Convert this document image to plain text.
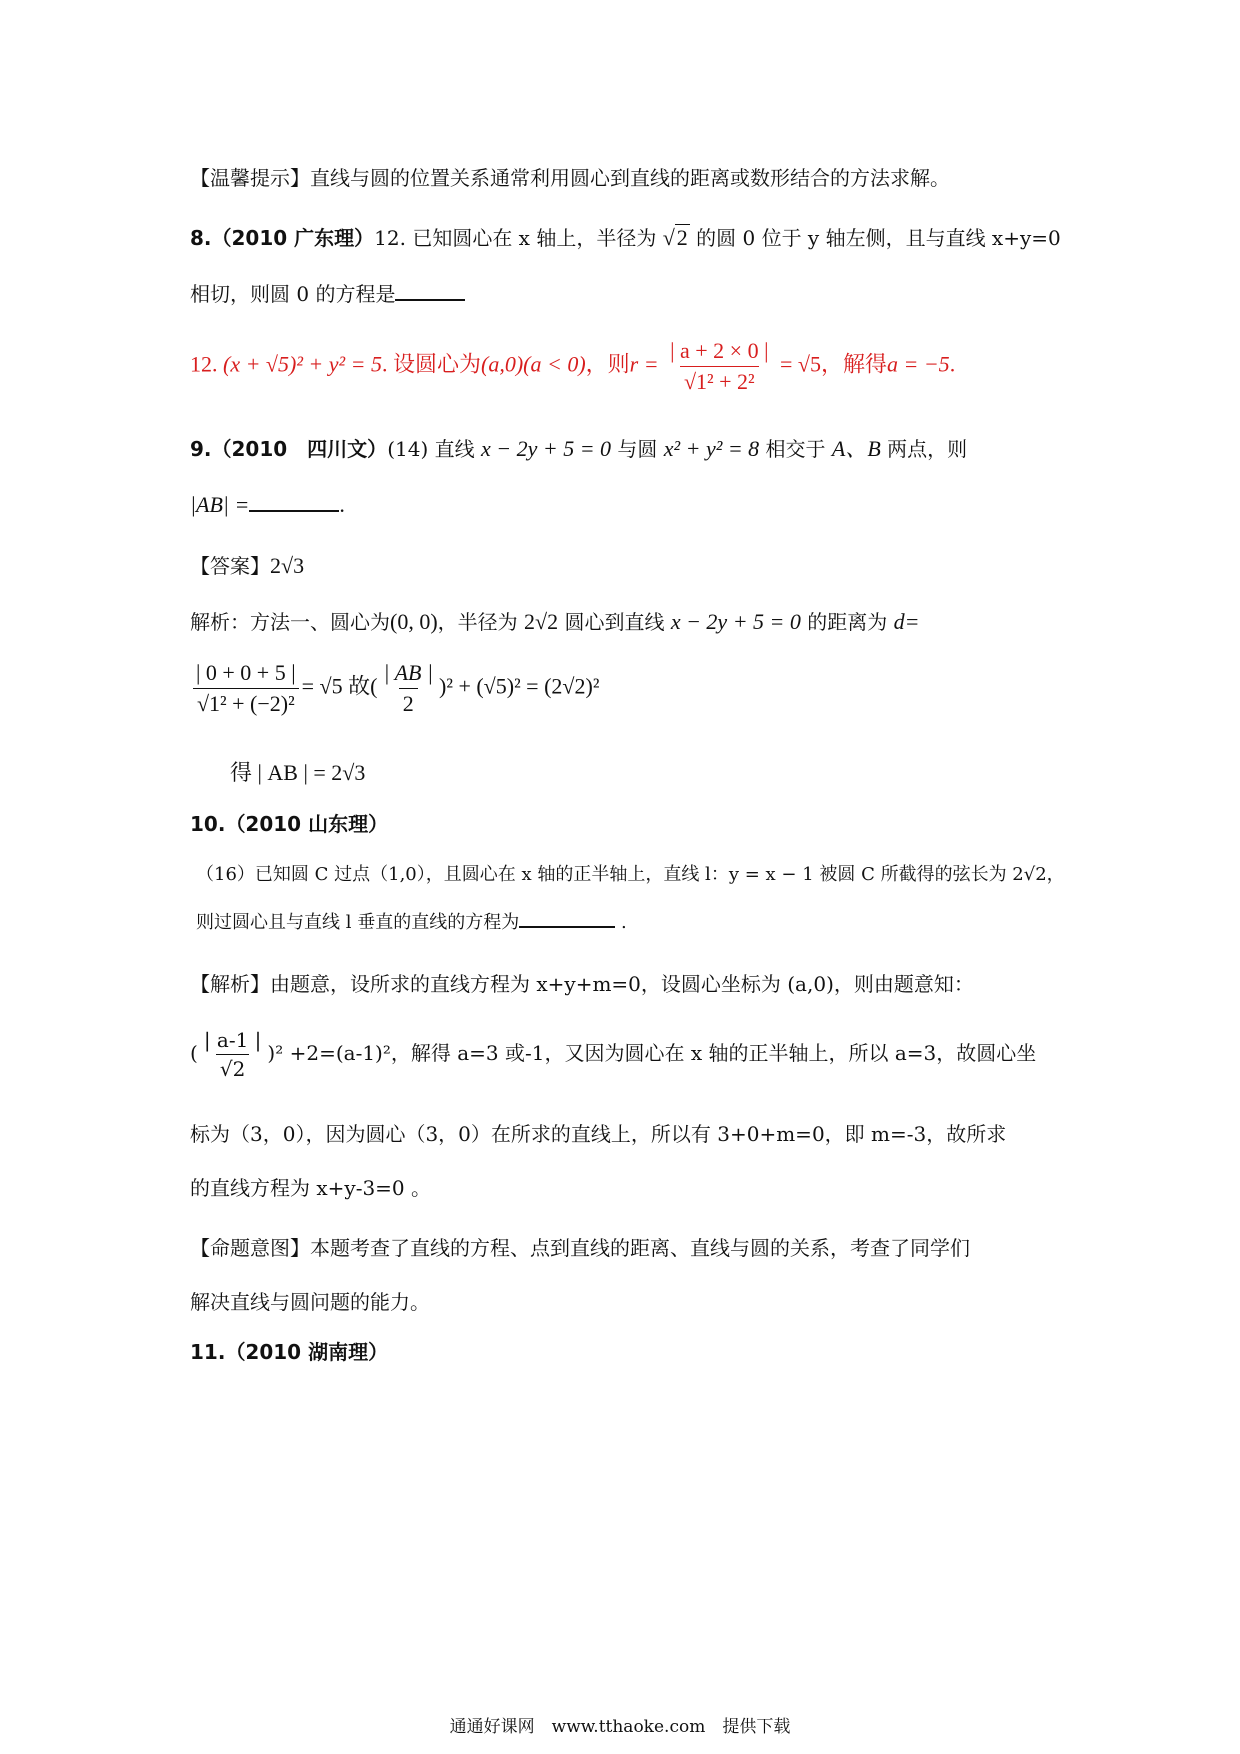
【温馨提示】直线与圆的位置关系通常利用圆心到直线的距离或数形结合的方法求解。
8.（2010 广东理）12. 已知圆心在 x 轴上，半径为 √2 的圆 0 位于 y 轴左侧，且与直线 x+y=0
相切，则圆 0 的方程是
12. (x + √5)² + y² = 5. 设圆心为(a,0)(a < 0)，则$r = \frac{| a + 2 \times 0 |}{\text{√1² + 2²}} = √5$，解得a = −5.
9.（2010　四川文）(14) 直线 x − 2y + 5 = 0 与圆 x² + y² = 8 相交于 A、B 两点，则
|AB| =	.
【答案】2√3
解析：方法一、圆心为(0, 0)，半径为 2√2 圆心到直线 x − 2y + 5 = 0 的距离为 d=
$\frac{| 0 + 0 + 5 |}{\text{√1² + (−2)²}} = √5$ 故( $\frac{| AB |}{2} )^2 + (√5)^2 = (2√2)^2$
得 | AB | = 2√3
10.（2010 山东理）
（16）已知圆 C 过点（1,0），且圆心在 x 轴的正半轴上，直线 l：y = x − 1 被圆 C 所截得的弦长为 2√2，
则过圆心且与直线 l 垂直的直线的方程为	.
【解析】由题意，设所求的直线方程为 x+y+m=0，设圆心坐标为 (a,0)，则由题意知：
( $\frac{| a-1 |}{√2} )^2 +2=(a-1)^2$，解得 a=3 或-1，又因为圆心在 x 轴的正半轴上，所以 a=3，故圆心坐
标为（3，0），因为圆心（3，0）在所求的直线上，所以有 3+0+m=0，即 m=-3，故所求
的直线方程为 x+y-3=0 。
【命题意图】本题考查了直线的方程、点到直线的距离、直线与圆的关系，考查了同学们
解决直线与圆问题的能力。
11.（2010 湖南理）
通通好课网　www.tthaoke.com　提供下载
